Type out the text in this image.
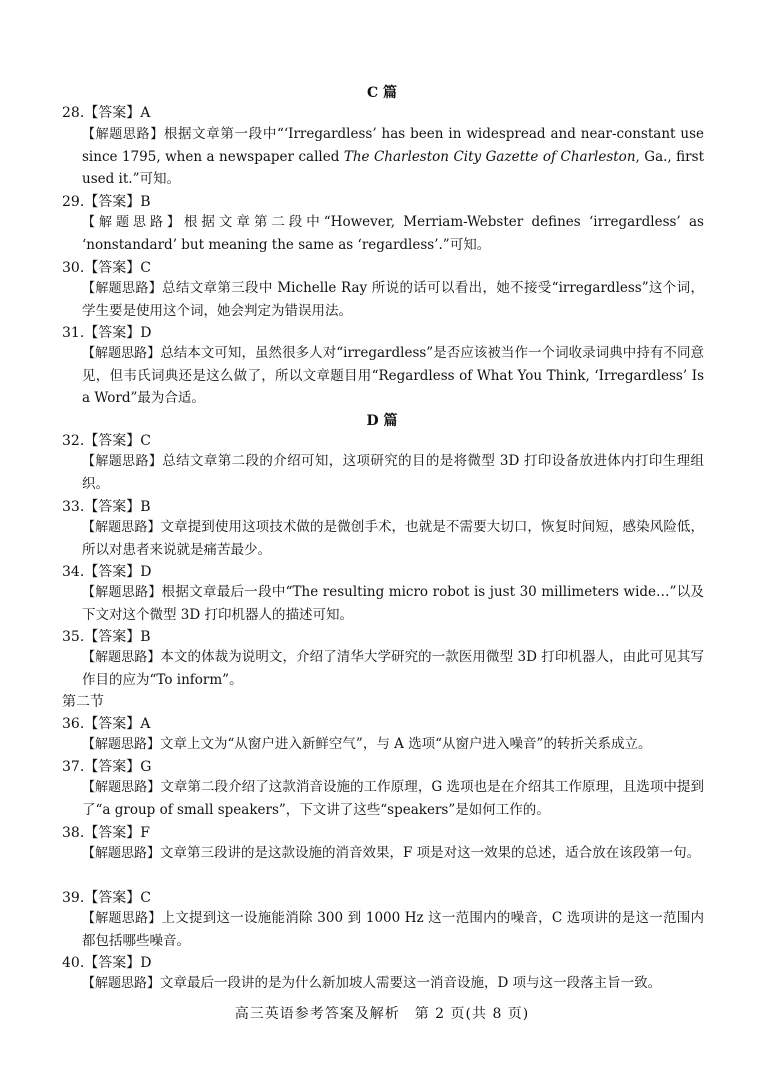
C 篇
28.【答案】A
【解题思路】根据文章第一段中“‘Irregardless’ has been in widespread and near-constant use since 1795, when a newspaper called The Charleston City Gazette of Charleston, Ga., first used it.”可知。
29.【答案】B
【解题思路】根据文章第二段中“However, Merriam-Webster defines ‘irregardless’ as ‘nonstandard’ but meaning the same as ‘regardless’.”可知。
30.【答案】C
【解题思路】总结文章第三段中 Michelle Ray 所说的话可以看出，她不接受“irregardless”这个词，学生要是使用这个词，她会判定为错误用法。
31.【答案】D
【解题思路】总结本文可知，虽然很多人对“irregardless”是否应该被当作一个词收录词典中持有不同意见，但韦氏词典还是这么做了，所以文章题目用“Regardless of What You Think, ‘Irregardless’ Is a Word”最为合适。
D 篇
32.【答案】C
【解题思路】总结文章第二段的介绍可知，这项研究的目的是将微型 3D 打印设备放进体内打印生理组织。
33.【答案】B
【解题思路】文章提到使用这项技术做的是微创手术，也就是不需要大切口，恢复时间短，感染风险低，所以对患者来说就是痛苦最少。
34.【答案】D
【解题思路】根据文章最后一段中“The resulting micro robot is just 30 millimeters wide…”以及下文对这个微型 3D 打印机器人的描述可知。
35.【答案】B
【解题思路】本文的体裁为说明文，介绍了清华大学研究的一款医用微型 3D 打印机器人，由此可见其写作目的应为“To inform”。
第二节
36.【答案】A
【解题思路】文章上文为“从窗户进入新鲜空气”，与 A 选项“从窗户进入噪音”的转折关系成立。
37.【答案】G
【解题思路】文章第二段介绍了这款消音设施的工作原理，G 选项也是在介绍其工作原理，且选项中提到了“a group of small speakers”，下文讲了这些“speakers”是如何工作的。
38.【答案】F
【解题思路】文章第三段讲的是这款设施的消音效果，F 项是对这一效果的总述，适合放在该段第一句。
39.【答案】C
【解题思路】上文提到这一设施能消除 300 到 1000 Hz 这一范围内的噪音，C 选项讲的是这一范围内都包括哪些噪音。
40.【答案】D
【解题思路】文章最后一段讲的是为什么新加坡人需要这一消音设施，D 项与这一段落主旨一致。
高三英语参考答案及解析　第 2 页(共 8 页)
